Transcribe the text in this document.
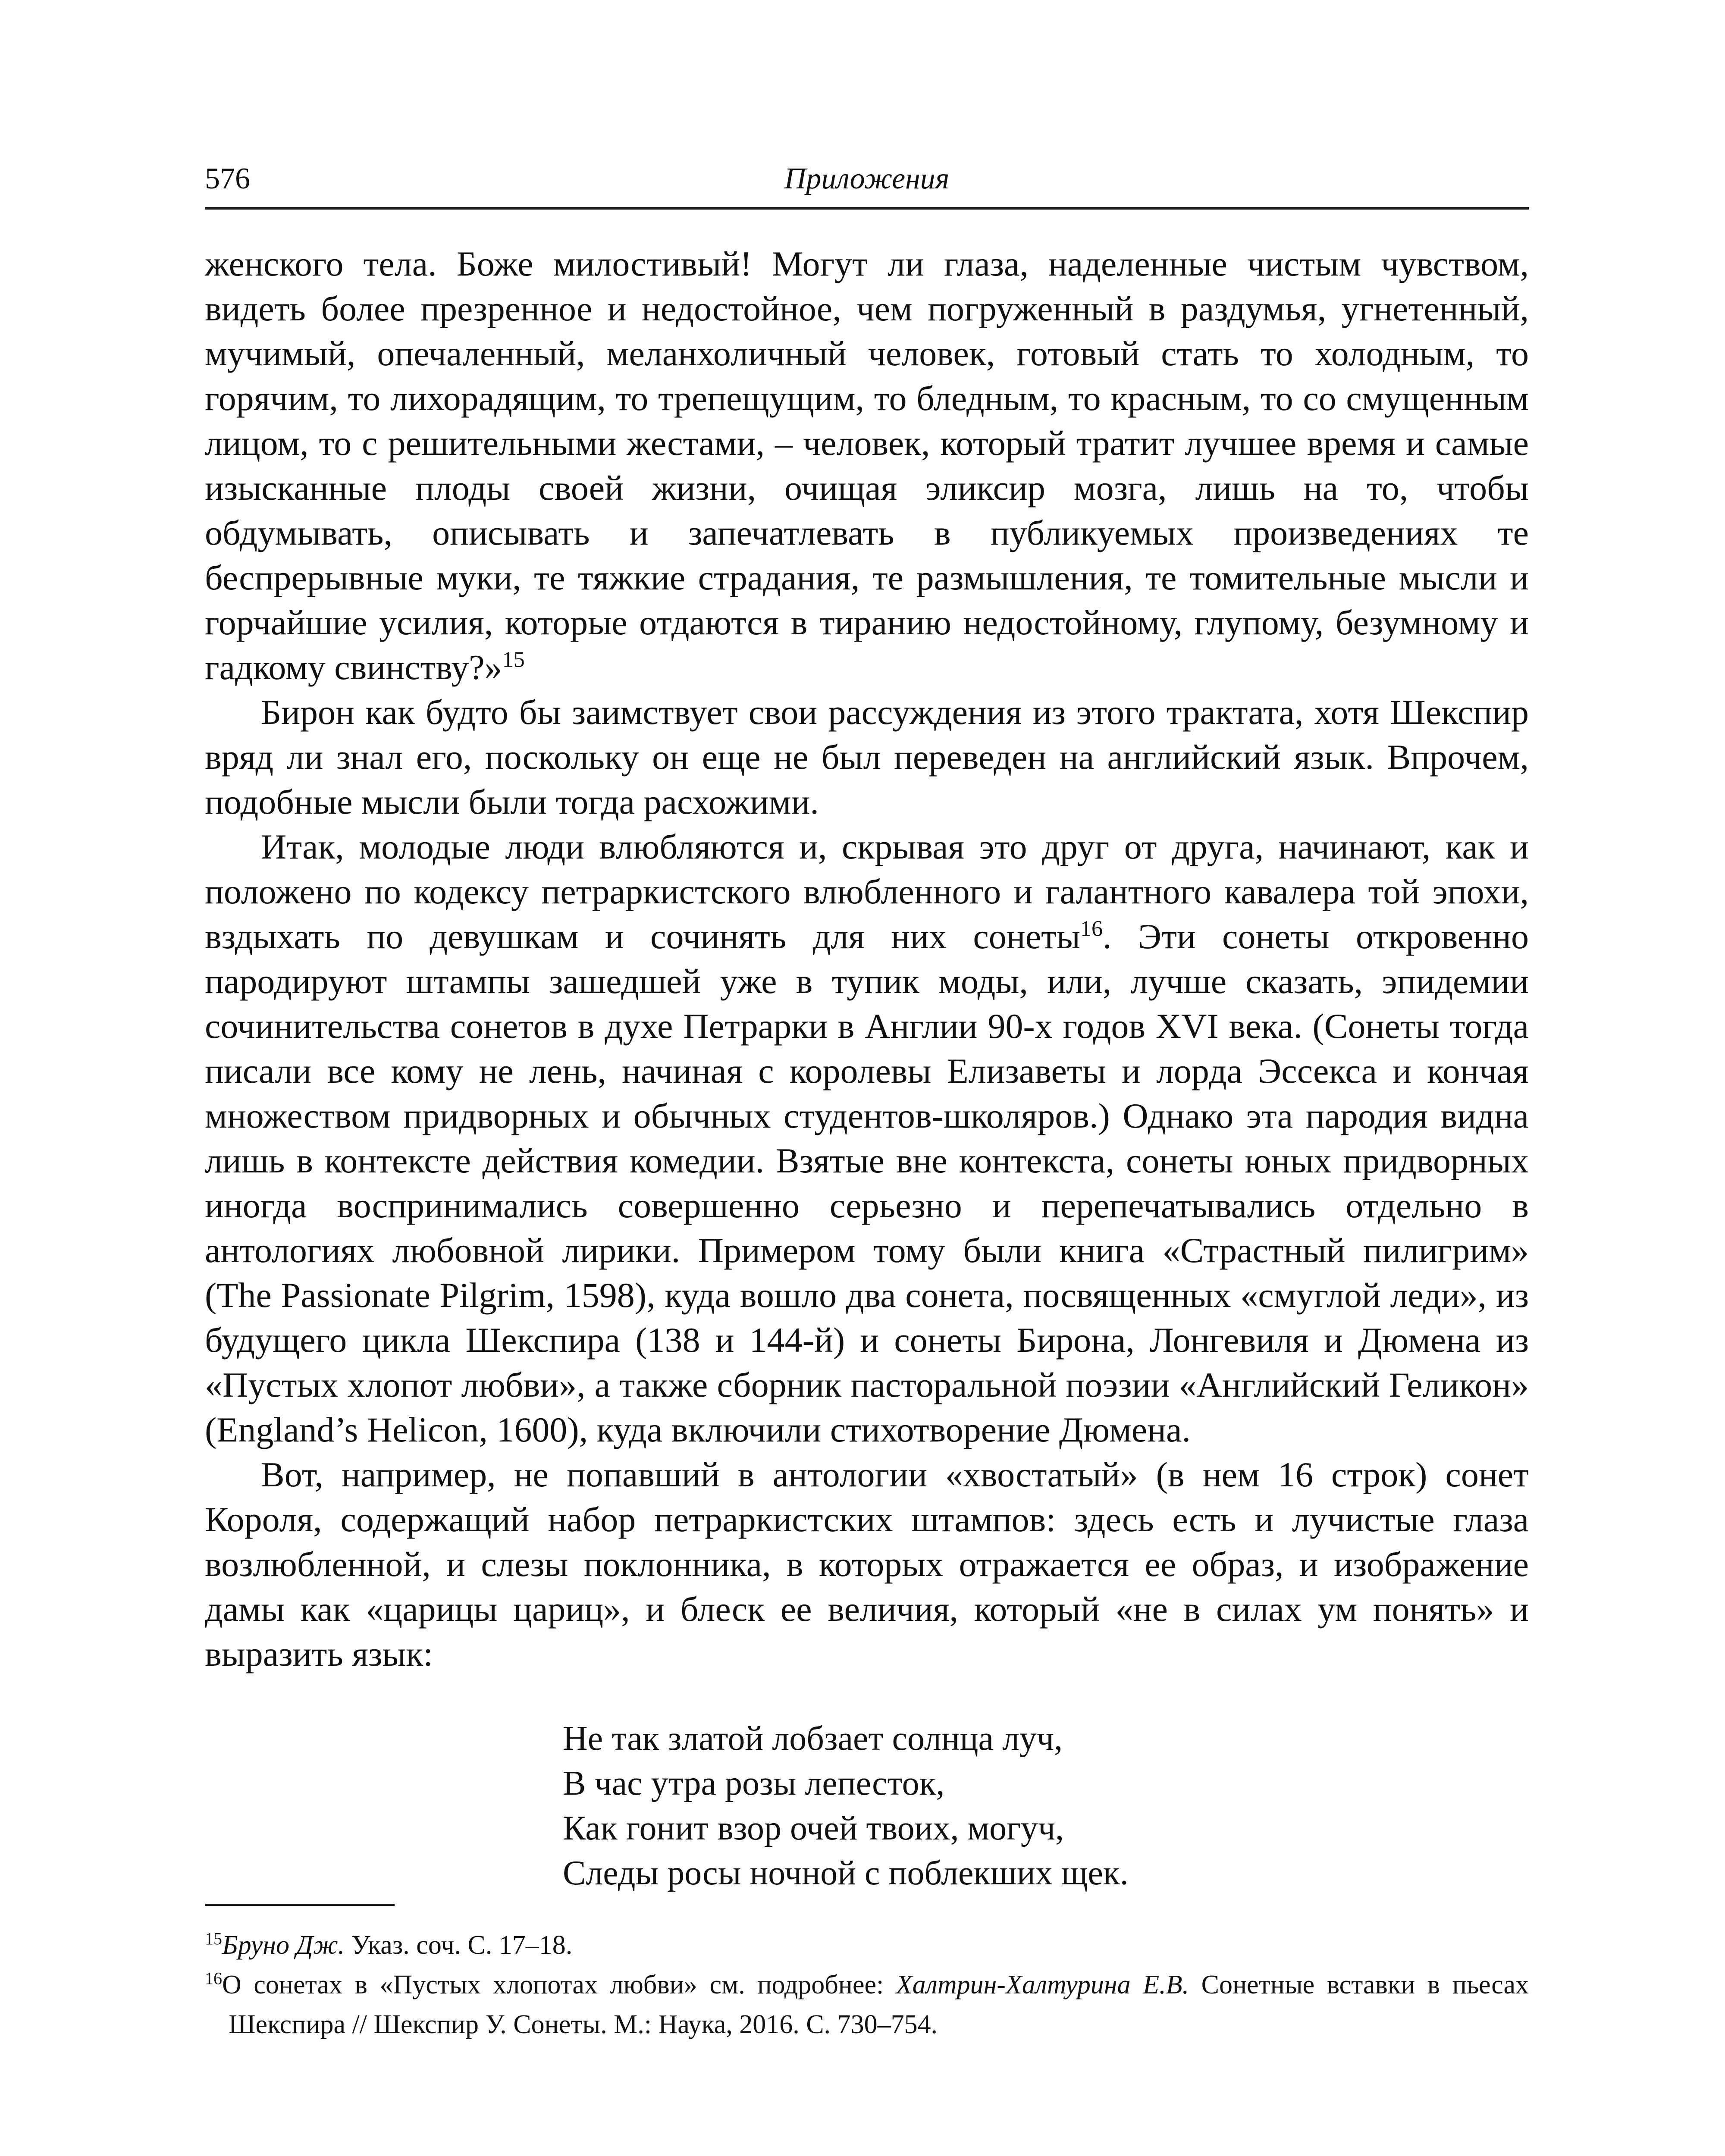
576	Приложения

женского тела. Боже милостивый! Могут ли глаза, наделенные чистым чувством, видеть более презренное и недостойное, чем погруженный в раздумья, угнетенный, мучимый, опечаленный, меланхоличный человек, готовый стать то холодным, то горячим, то лихорадящим, то трепещущим, то бледным, то красным, то со смущенным лицом, то с решительными жестами, – человек, который тратит лучшее время и самые изысканные плоды своей жизни, очищая эликсир мозга, лишь на то, чтобы обдумывать, описывать и запечатлевать в публикуемых произведениях те беспрерывные муки, те тяжкие страдания, те размышления, те томительные мысли и горчайшие усилия, которые отдаются в тиранию недостойному, глупому, безумному и гадкому свинству?»$^{15}$

Бирон как будто бы заимствует свои рассуждения из этого трактата, хотя Шекспир вряд ли знал его, поскольку он еще не был переведен на английский язык. Впрочем, подобные мысли были тогда расхожими.

Итак, молодые люди влюбляются и, скрывая это друг от друга, начинают, как и положено по кодексу петраркистского влюбленного и галантного кавалера той эпохи, вздыхать по девушкам и сочинять для них сонеты$^{16}$. Эти сонеты откровенно пародируют штампы зашедшей уже в тупик моды, или, лучше сказать, эпидемии сочинительства сонетов в духе Петрарки в Англии 90-х годов XVI века. (Сонеты тогда писали все кому не лень, начиная с королевы Елизаветы и лорда Эссекса и кончая множеством придворных и обычных студентов-школяров.) Однако эта пародия видна лишь в контексте действия комедии. Взятые вне контекста, сонеты юных придворных иногда воспринимались совершенно серьезно и перепечатывались отдельно в антологиях любовной лирики. Примером тому были книга «Страстный пилигрим» (The Passionate Pilgrim, 1598), куда вошло два сонета, посвященных «смуглой леди», из будущего цикла Шекспира (138 и 144-й) и сонеты Бирона, Лонгевиля и Дюмена из «Пустых хлопот любви», а также сборник пасторальной поэзии «Английский Геликон» (England’s Helicon, 1600), куда включили стихотворение Дюмена.

Вот, например, не попавший в антологии «хвостатый» (в нем 16 строк) сонет Короля, содержащий набор петраркистских штампов: здесь есть и лучистые глаза возлюбленной, и слезы поклонника, в которых отражается ее образ, и изображение дамы как «царицы цариц», и блеск ее величия, который «не в силах ум понять» и выразить язык:

Не так златой лобзает солнца луч,
В час утра розы лепесток,
Как гонит взор очей твоих, могуч,
Следы росы ночной с поблекших щек.

$^{15}$Бруно Дж. Указ. соч. С. 17–18.

$^{16}$О сонетах в «Пустых хлопотах любви» см. подробнее: Халтрин-Халтурина Е.В. Сонетные вставки в пьесах Шекспира // Шекспир У. Сонеты. М.: Наука, 2016. С. 730–754.
